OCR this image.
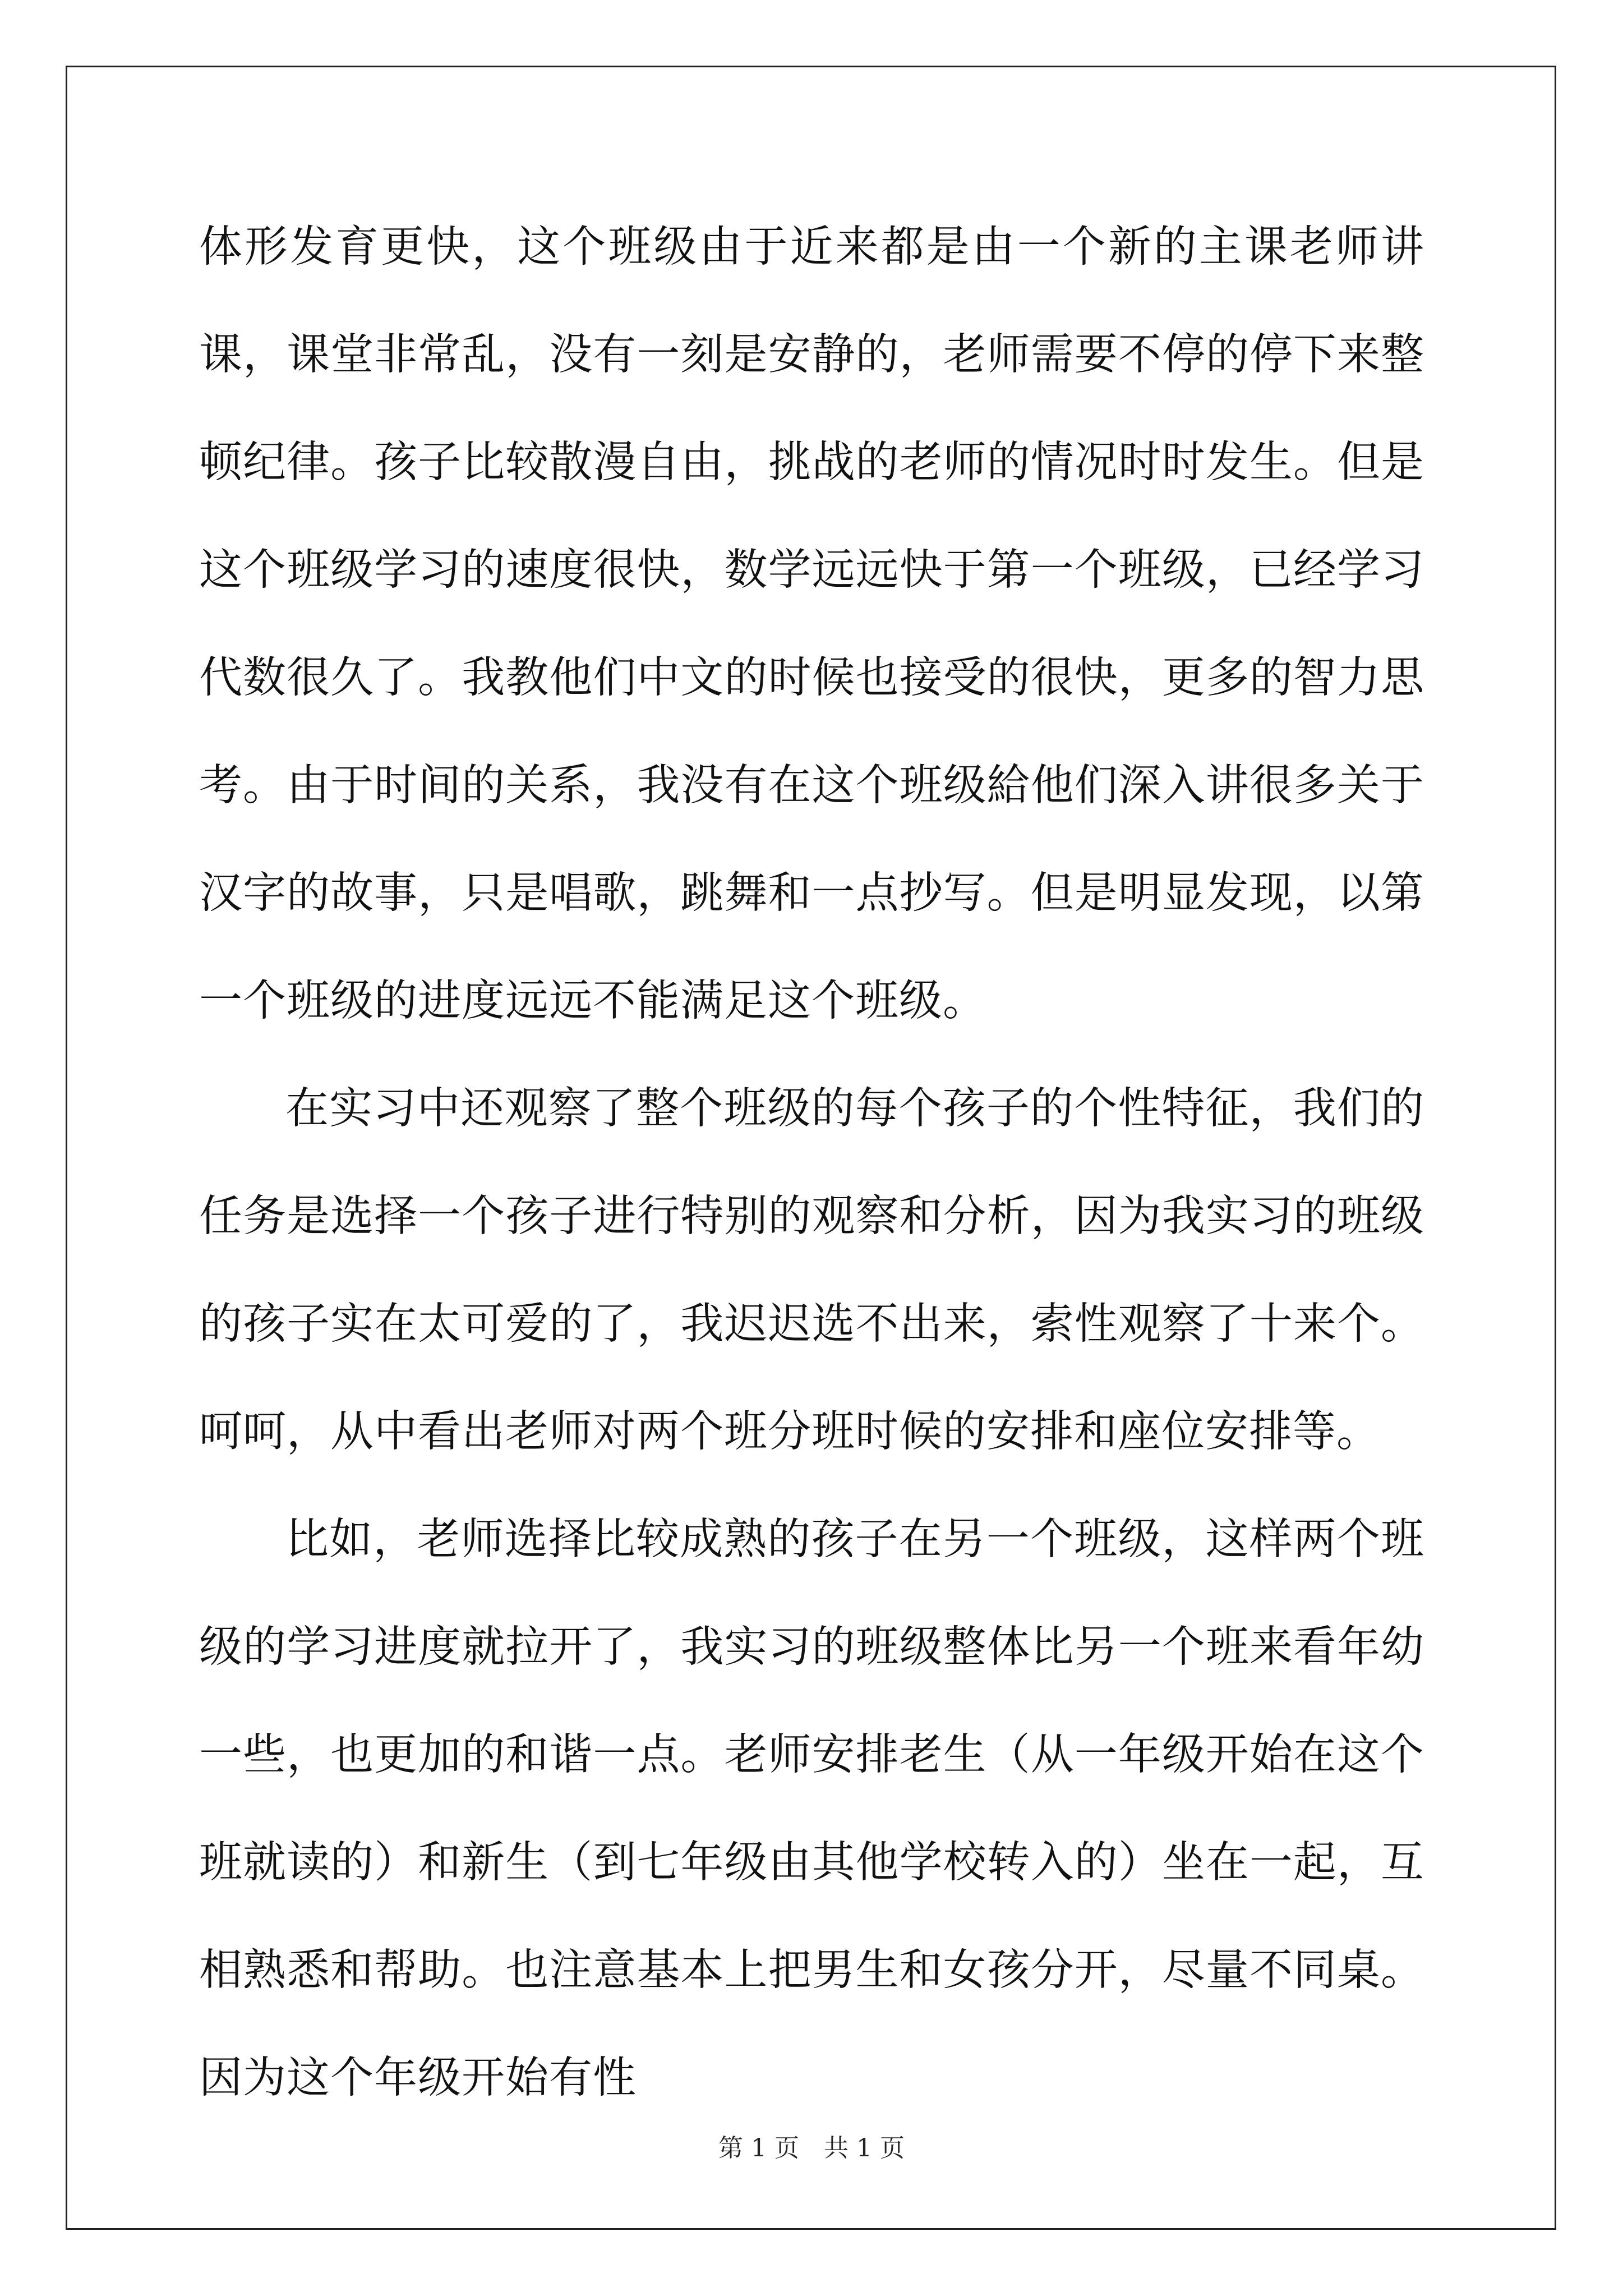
体形发育更快，这个班级由于近来都是由一个新的主课老师讲课，课堂非常乱，没有一刻是安静的，老师需要不停的停下来整顿纪律。孩子比较散漫自由，挑战的老师的情况时时发生。但是这个班级学习的速度很快，数学远远快于第一个班级，已经学习代数很久了。我教他们中文的时候也接受的很快，更多的智力思考。由于时间的关系，我没有在这个班级給他们深入讲很多关于汉字的故事，只是唱歌，跳舞和一点抄写。但是明显发现，以第一个班级的进度远远不能满足这个班级。

在实习中还观察了整个班级的每个孩子的个性特征，我们的任务是选择一个孩子进行特别的观察和分析，因为我实习的班级的孩子实在太可爱的了，我迟迟选不出来，索性观察了十来个。呵呵，从中看出老师对两个班分班时候的安排和座位安排等。

比如，老师选择比较成熟的孩子在另一个班级，这样两个班级的学习进度就拉开了，我实习的班级整体比另一个班来看年幼一些，也更加的和谐一点。老师安排老生（从一年级开始在这个班就读的）和新生（到七年级由其他学校转入的）坐在一起，互相熟悉和帮助。也注意基本上把男生和女孩分开，尽量不同桌。因为这个年级开始有性

第 1 页 共 1 页
